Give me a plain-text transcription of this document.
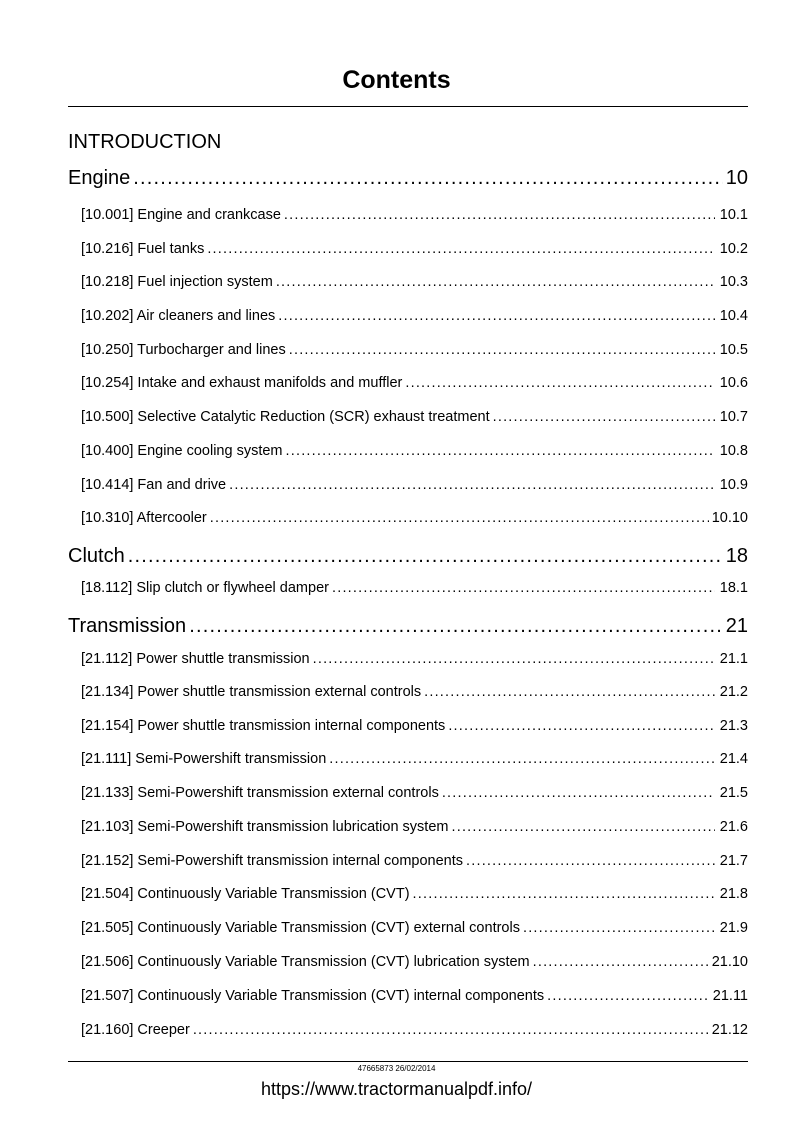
Contents
INTRODUCTION
Engine .....	10
[10.001] Engine and crankcase .....	10.1
[10.216] Fuel tanks .....	10.2
[10.218] Fuel injection system .....	10.3
[10.202] Air cleaners and lines .....	10.4
[10.250] Turbocharger and lines .....	10.5
[10.254] Intake and exhaust manifolds and muffler .....	10.6
[10.500] Selective Catalytic Reduction (SCR) exhaust treatment .....	10.7
[10.400] Engine cooling system .....	10.8
[10.414] Fan and drive .....	10.9
[10.310] Aftercooler .....	10.10
Clutch .....	18
[18.112] Slip clutch or flywheel damper .....	18.1
Transmission .....	21
[21.112] Power shuttle transmission .....	21.1
[21.134] Power shuttle transmission external controls .....	21.2
[21.154] Power shuttle transmission internal components .....	21.3
[21.111] Semi-Powershift transmission .....	21.4
[21.133] Semi-Powershift transmission external controls .....	21.5
[21.103] Semi-Powershift transmission lubrication system .....	21.6
[21.152] Semi-Powershift transmission internal components .....	21.7
[21.504] Continuously Variable Transmission (CVT) .....	21.8
[21.505] Continuously Variable Transmission (CVT) external controls .....	21.9
[21.506] Continuously Variable Transmission (CVT) lubrication system .....	21.10
[21.507] Continuously Variable Transmission (CVT) internal components .....	21.11
[21.160] Creeper .....	21.12
47665873 26/02/2014
https://www.tractormanualpdf.info/
